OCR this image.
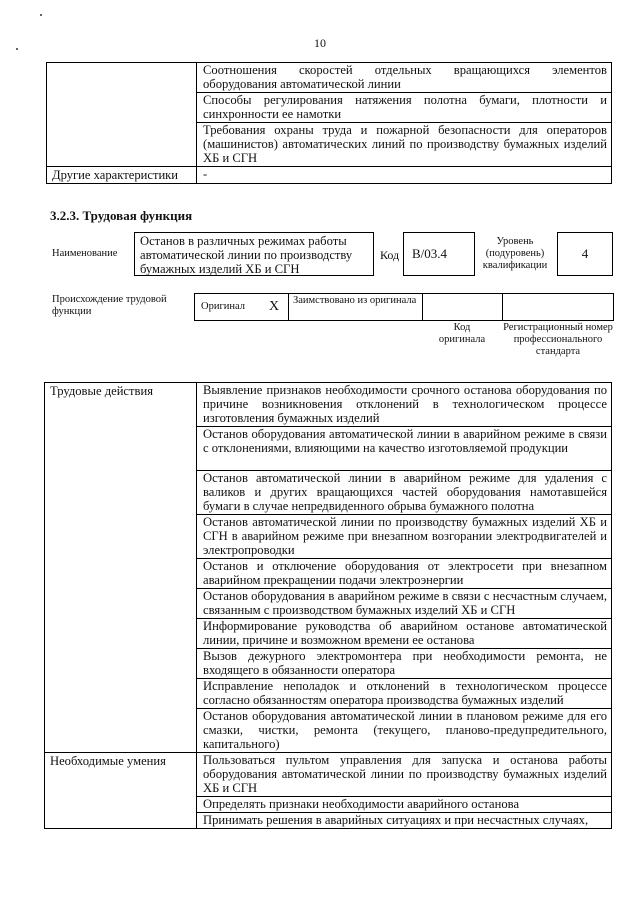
10
	Соотношения скоростей отдельных вращающихся элементов оборудования автоматической линии
	Способы регулирования натяжения полотна бумаги, плотности и синхронности ее намотки
	Требования охраны труда и пожарной безопасности для операторов (машинистов) автоматических линий по производству бумажных изделий ХБ и СГН
Другие характеристики	-
3.2.3. Трудовая функция
Наименование
Останов в различных режимах работы автоматической линии по производству бумажных изделий ХБ и СГН
Код B/03.4
Уровень (подуровень) квалификации
4
Происхождение трудовой функции	Оригинал X Заимствовано из оригинала
Код оригинала
Регистрационный номер профессионального стандарта
Трудовые действия	Выявление признаков необходимости срочного останова оборудования по причине возникновения отклонений в технологическом процессе изготовления бумажных изделий
	Останов оборудования автоматической линии в аварийном режиме в связи с отклонениями, влияющими на качество изготовляемой продукции
	Останов автоматической линии в аварийном режиме для удаления с валиков и других вращающихся частей оборудования намотавшейся бумаги в случае непредвиденного обрыва бумажного полотна
	Останов автоматической линии по производству бумажных изделий ХБ и СГН в аварийном режиме при внезапном возгорании электродвигателей и электропроводки
	Останов и отключение оборудования от электросети при внезапном аварийном прекращении подачи электроэнергии
	Останов оборудования в аварийном режиме в связи с несчастным случаем, связанным с производством бумажных изделий ХБ и СГН
	Информирование руководства об аварийном останове автоматической линии, причине и возможном времени ее останова
	Вызов дежурного электромонтера при необходимости ремонта, не входящего в обязанности оператора
	Исправление неполадок и отклонений в технологическом процессе согласно обязанностям оператора производства бумажных изделий
	Останов оборудования автоматической линии в плановом режиме для его смазки, чистки, ремонта (текущего, планово-предупредительного, капитального)
Необходимые умения	Пользоваться пультом управления для запуска и останова работы оборудования автоматической линии по производству бумажных изделий ХБ и СГН
	Определять признаки необходимости аварийного останова
	Принимать решения в аварийных ситуациях и при несчастных случаях,
